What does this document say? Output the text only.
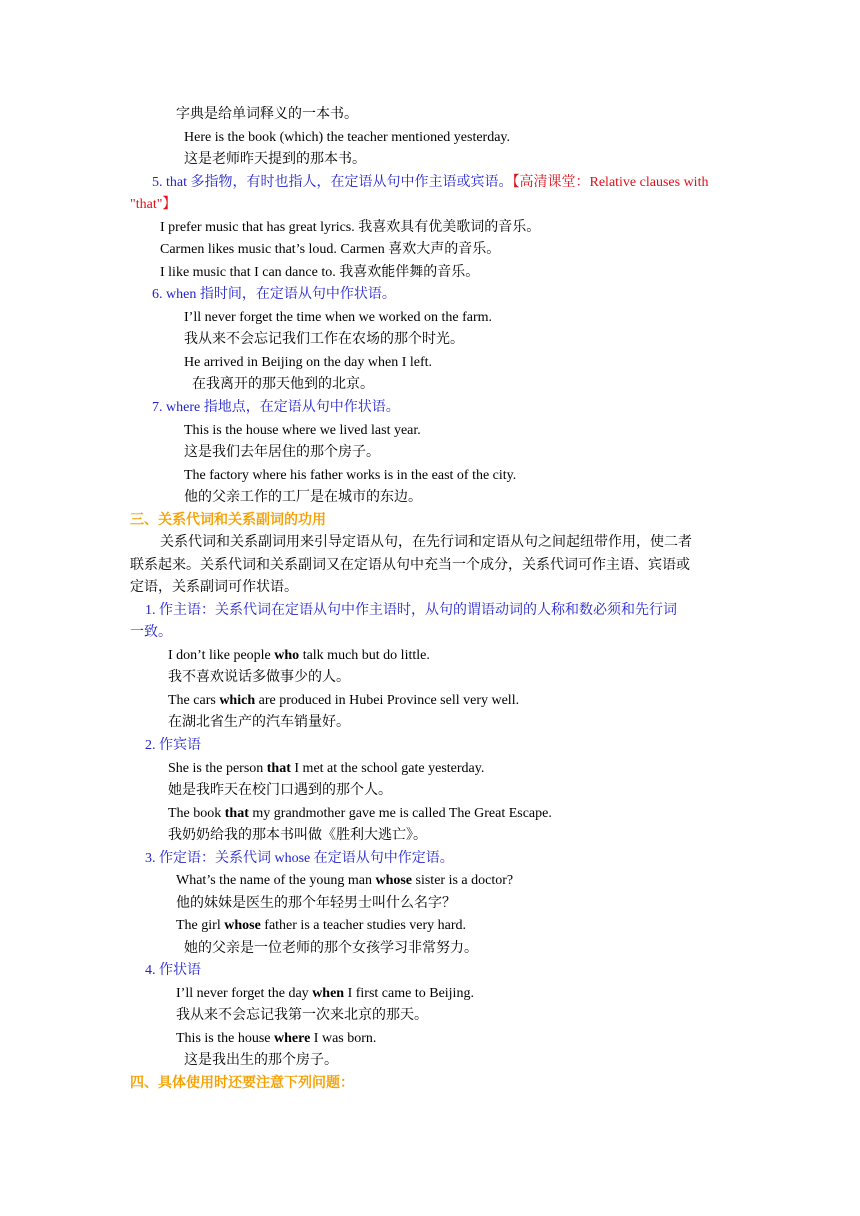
字典是给单词释义的一本书。
Here is the book (which) the teacher mentioned yesterday.
这是老师昨天提到的那本书。
5. that 多指物，有时也指人，在定语从句中作主语或宾语。【高清课堂：Relative clauses with
"that"】
I prefer music that has great lyrics. 我喜欢具有优美歌词的音乐。
Carmen likes music that’s loud. Carmen 喜欢大声的音乐。
I like music that I can dance to. 我喜欢能伴舞的音乐。
6. when 指时间，在定语从句中作状语。
I’ll never forget the time when we worked on the farm.
我从来不会忘记我们工作在农场的那个时光。
He arrived in Beijing on the day when I left.
在我离开的那天他到的北京。
7. where 指地点，在定语从句中作状语。
This is the house where we lived last year.
这是我们去年居住的那个房子。
The factory where his father works is in the east of the city.
他的父亲工作的工厂是在城市的东边。
三、关系代词和关系副词的功用
关系代词和关系副词用来引导定语从句，在先行词和定语从句之间起纽带作用，使二者
联系起来。关系代词和关系副词又在定语从句中充当一个成分，关系代词可作主语、宾语或
定语，关系副词可作状语。
1. 作主语：关系代词在定语从句中作主语时，从句的谓语动词的人称和数必须和先行词
一致。
I don’t like people who talk much but do little.
我不喜欢说话多做事少的人。
The cars which are produced in Hubei Province sell very well.
在湖北省生产的汽车销量好。
2. 作宾语
She is the person that I met at the school gate yesterday.
她是我昨天在校门口遇到的那个人。
The book that my grandmother gave me is called The Great Escape.
我奶奶给我的那本书叫做《胜利大逃亡》。
3. 作定语：关系代词 whose 在定语从句中作定语。
What’s the name of the young man whose sister is a doctor?
他的妹妹是医生的那个年轻男士叫什么名字？
The girl whose father is a teacher studies very hard.
她的父亲是一位老师的那个女孩学习非常努力。
4. 作状语
I’ll never forget the day when I first came to Beijing.
我从来不会忘记我第一次来北京的那天。
This is the house where I was born.
这是我出生的那个房子。
四、具体使用时还要注意下列问题：
